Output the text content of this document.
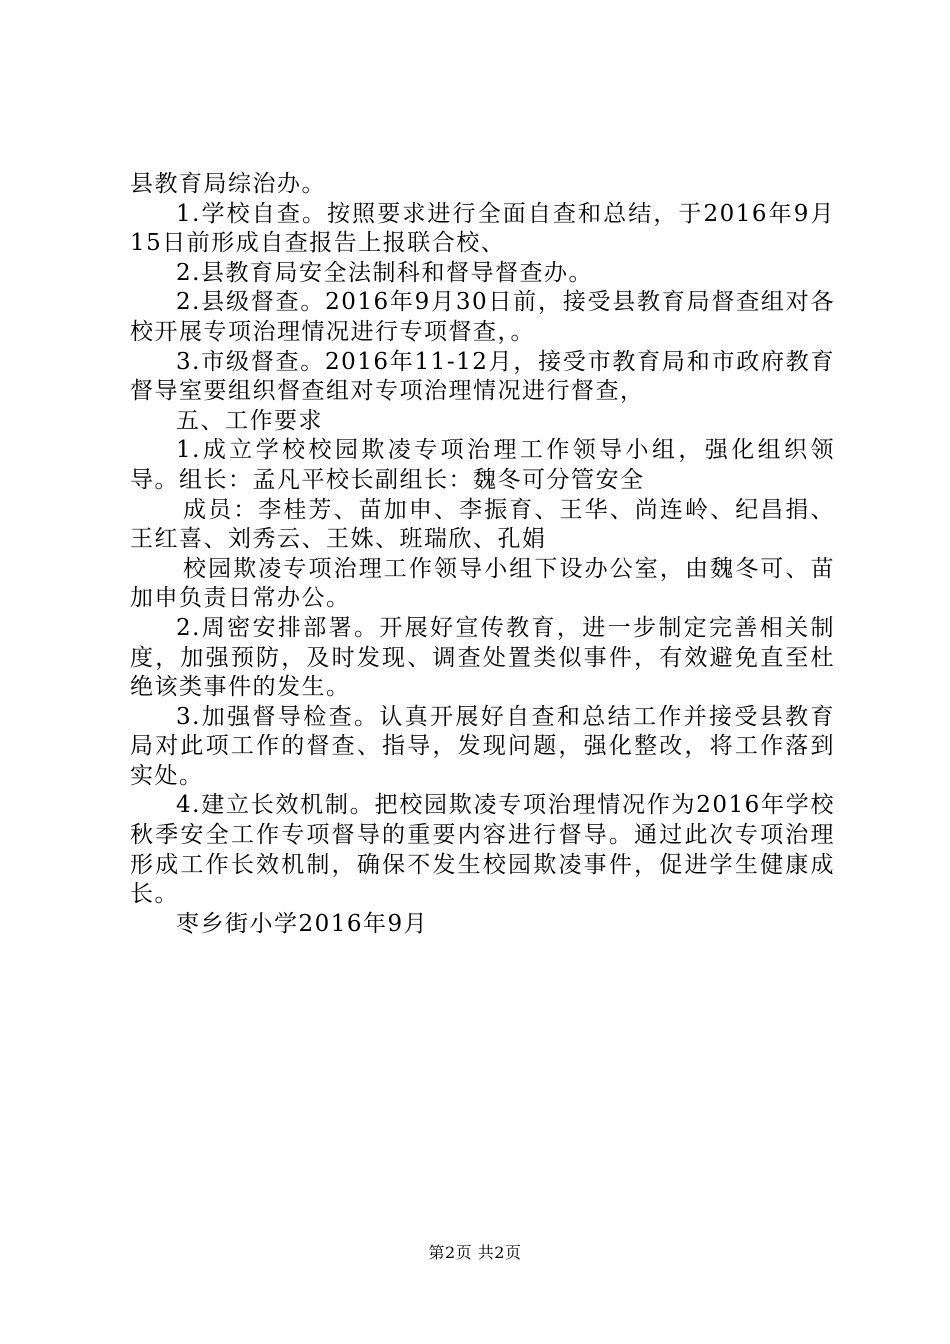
县教育局综治办。

1.学校自查。按照要求进行全面自查和总结，于2016年9月15日前形成自查报告上报联合校、

2.县教育局安全法制科和督导督查办。

2.县级督查。2016年9月30日前，接受县教育局督查组对各校开展专项治理情况进行专项督查，。

3.市级督查。2016年11-12月，接受市教育局和市政府教育督导室要组织督查组对专项治理情况进行督查，

五、工作要求

1.成立学校校园欺凌专项治理工作领导小组，强化组织领导。组长：孟凡平校长副组长：魏冬可分管安全

成员：李桂芳、苗加申、李振育、王华、尚连岭、纪昌捐、王红喜、刘秀云、王姝、班瑞欣、孔娟

校园欺凌专项治理工作领导小组下设办公室，由魏冬可、苗加申负责日常办公。

2.周密安排部署。开展好宣传教育，进一步制定完善相关制度，加强预防，及时发现、调查处置类似事件，有效避免直至杜绝该类事件的发生。

3.加强督导检查。认真开展好自查和总结工作并接受县教育局对此项工作的督查、指导，发现问题，强化整改，将工作落到实处。

4.建立长效机制。把校园欺凌专项治理情况作为2016年学校秋季安全工作专项督导的重要内容进行督导。通过此次专项治理形成工作长效机制，确保不发生校园欺凌事件，促进学生健康成长。

枣乡街小学2016年9月

第2页 共2页
